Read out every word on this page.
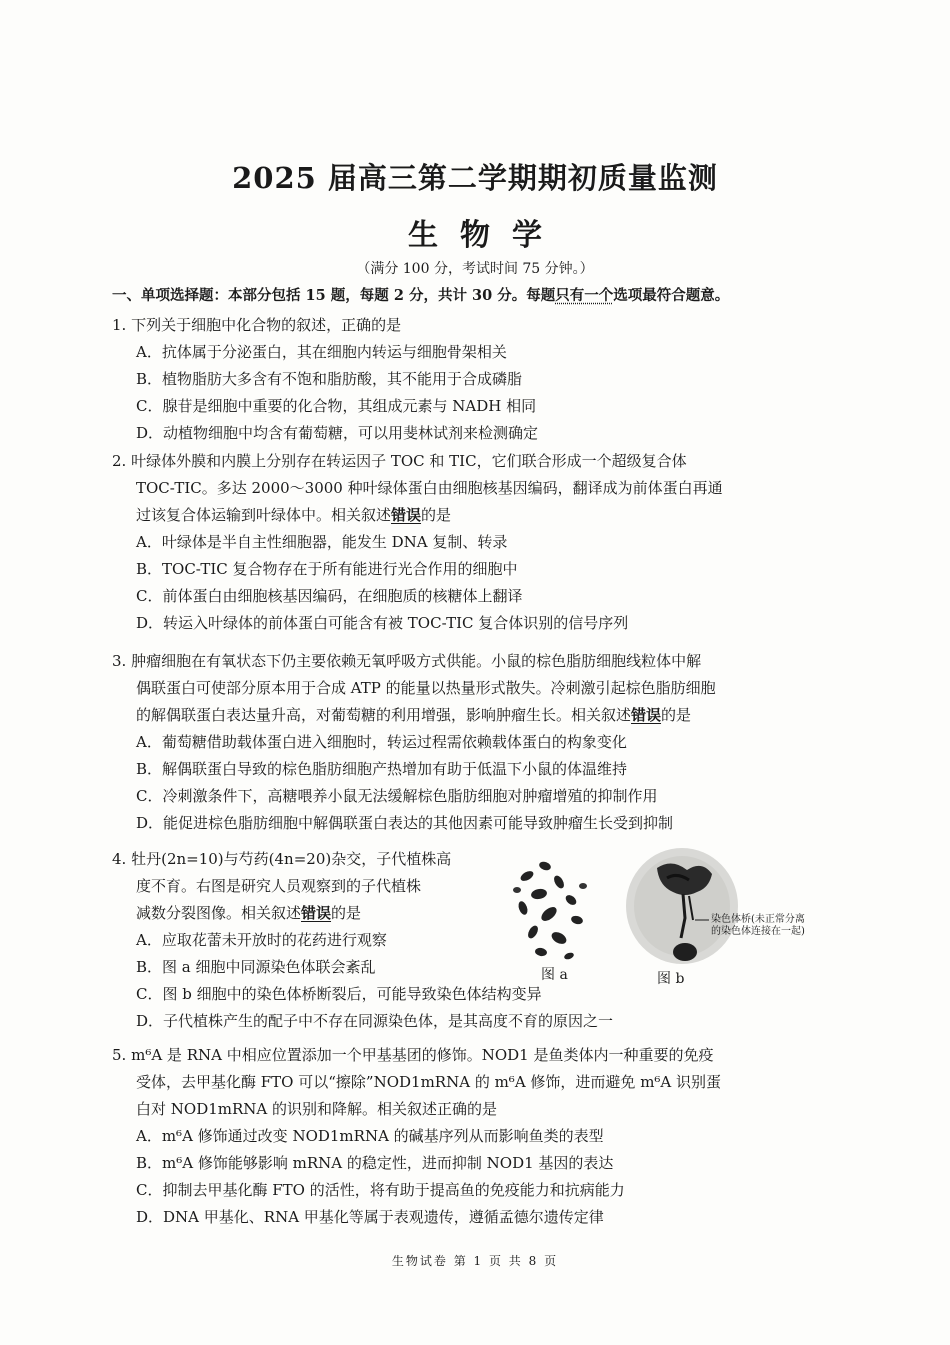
2025 届高三第二学期期初质量监测
生物学
（满分 100 分，考试时间 75 分钟。）
一、单项选择题：本部分包括 15 题，每题 2 分，共计 30 分。每题只有一个选项最符合题意。
1. 下列关于细胞中化合物的叙述，正确的是
A．抗体属于分泌蛋白，其在细胞内转运与细胞骨架相关
B．植物脂肪大多含有不饱和脂肪酸，其不能用于合成磷脂
C．腺苷是细胞中重要的化合物，其组成元素与 NADH 相同
D．动植物细胞中均含有葡萄糖，可以用斐林试剂来检测确定
2. 叶绿体外膜和内膜上分别存在转运因子 TOC 和 TIC，它们联合形成一个超级复合体
TOC-TIC。多达 2000～3000 种叶绿体蛋白由细胞核基因编码，翻译成为前体蛋白再通
过该复合体运输到叶绿体中。相关叙述错误的是
A．叶绿体是半自主性细胞器，能发生 DNA 复制、转录
B．TOC-TIC 复合物存在于所有能进行光合作用的细胞中
C．前体蛋白由细胞核基因编码，在细胞质的核糖体上翻译
D．转运入叶绿体的前体蛋白可能含有被 TOC-TIC 复合体识别的信号序列
3. 肿瘤细胞在有氧状态下仍主要依赖无氧呼吸方式供能。小鼠的棕色脂肪细胞线粒体中解
偶联蛋白可使部分原本用于合成 ATP 的能量以热量形式散失。冷刺激引起棕色脂肪细胞
的解偶联蛋白表达量升高，对葡萄糖的利用增强，影响肿瘤生长。相关叙述错误的是
A．葡萄糖借助载体蛋白进入细胞时，转运过程需依赖载体蛋白的构象变化
B．解偶联蛋白导致的棕色脂肪细胞产热增加有助于低温下小鼠的体温维持
C．冷刺激条件下，高糖喂养小鼠无法缓解棕色脂肪细胞对肿瘤增殖的抑制作用
D．能促进棕色脂肪细胞中解偶联蛋白表达的其他因素可能导致肿瘤生长受到抑制
4. 牡丹(2n=10)与芍药(4n=20)杂交，子代植株高
度不育。右图是研究人员观察到的子代植株
减数分裂图像。相关叙述错误的是
A．应取花蕾未开放时的花药进行观察
B．图 a 细胞中同源染色体联会紊乱
C．图 b 细胞中的染色体桥断裂后，可能导致染色体结构变异
D．子代植株产生的配子中不存在同源染色体，是其高度不育的原因之一
图 a	图 b
染色体桥(未正常分离
的染色体连接在一起)
5. m⁶A 是 RNA 中相应位置添加一个甲基基团的修饰。NOD1 是鱼类体内一种重要的免疫
受体，去甲基化酶 FTO 可以“擦除”NOD1mRNA 的 m⁶A 修饰，进而避免 m⁶A 识别蛋
白对 NOD1mRNA 的识别和降解。相关叙述正确的是
A．m⁶A 修饰通过改变 NOD1mRNA 的碱基序列从而影响鱼类的表型
B．m⁶A 修饰能够影响 mRNA 的稳定性，进而抑制 NOD1 基因的表达
C．抑制去甲基化酶 FTO 的活性，将有助于提高鱼的免疫能力和抗病能力
D．DNA 甲基化、RNA 甲基化等属于表观遗传，遵循孟德尔遗传定律
生物试卷 第 1 页 共 8 页
